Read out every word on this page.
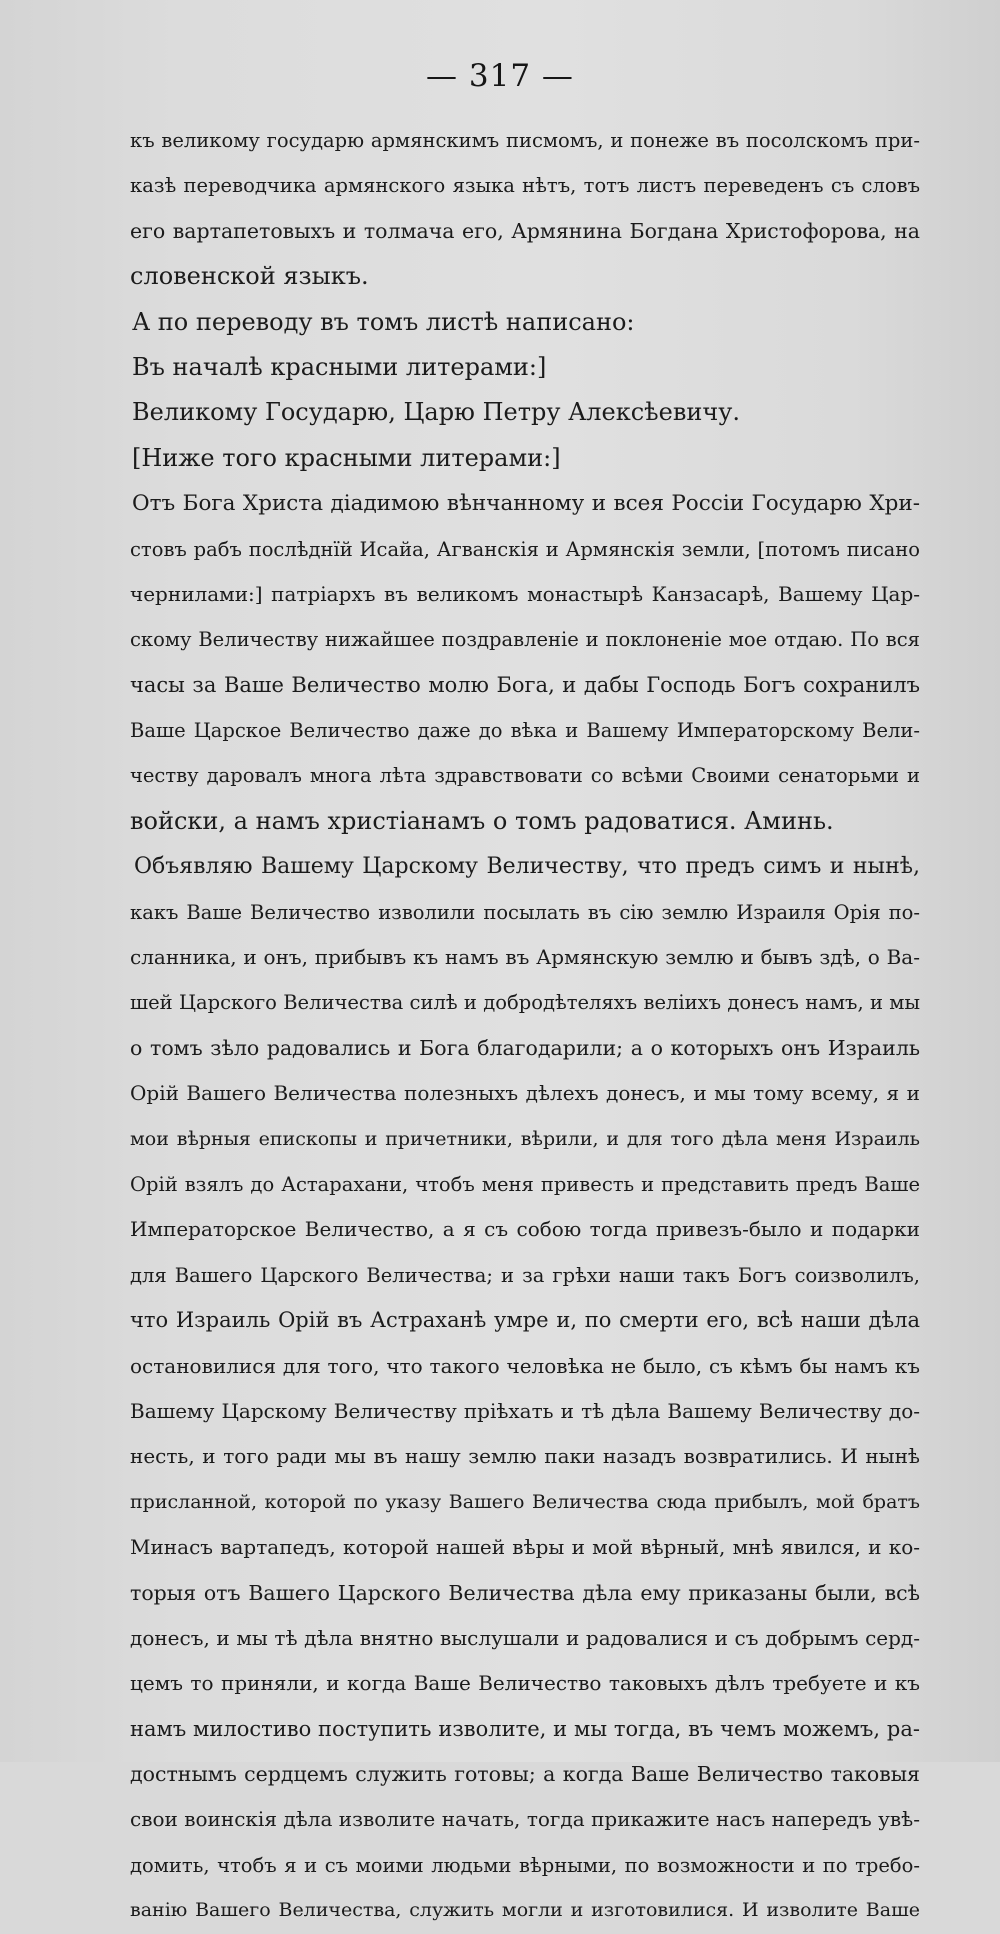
— 317 —
къ великому государю армянскимъ писмомъ, и понеже въ посолскомъ при-
казѣ переводчика армянского языка нѣтъ, тотъ листъ переведенъ съ словъ
его вартапетовыхъ и толмача его, Армянина Богдана Христофорова, на
словенской языкъ.
А по переводу въ томъ листѣ написано:
Въ началѣ красными литерами:]
Великому Государю, Царю Петру Алексѣевичу.
[Ниже того красными литерами:]
Отъ Бога Христа діадимою вѣнчанному и всея Россіи Государю Хри-
стовъ рабъ послѣднїй Исайа, Агванскія и Армянскія земли, [потомъ писано
чернилами:] патріархъ въ великомъ монастырѣ Канзасарѣ, Вашему Цар-
скому Величеству нижайшее поздравленіе и поклоненіе мое отдаю. По вся
часы за Ваше Величество молю Бога, и дабы Господь Богъ сохранилъ
Ваше Царское Величество даже до вѣка и Вашему Императорскому Вели-
честву даровалъ многа лѣта здравствовати со всѣми Своими сенаторьми и
войски, а намъ христіанамъ о томъ радоватися. Аминь.
Объявляю Вашему Царскому Величеству, что предъ симъ и нынѣ,
какъ Ваше Величество изволили посылать въ сію землю Израиля Орія по-
сланника, и онъ, прибывъ къ намъ въ Армянскую землю и бывъ здѣ, о Ва-
шей Царского Величества силѣ и добродѣтеляхъ веліихъ донесъ намъ, и мы
о томъ зѣло радовались и Бога благодарили; а о которыхъ онъ Израиль
Орій Вашего Величества полезныхъ дѣлехъ донесъ, и мы тому всему, я и
мои вѣрныя епископы и причетники, вѣрили, и для того дѣла меня Израиль
Орій взялъ до Астарахани, чтобъ меня привесть и представить предъ Ваше
Императорское Величество, а я съ собою тогда привезъ-было и подарки
для Вашего Царского Величества; и за грѣхи наши такъ Богъ соизволилъ,
что Израиль Орій въ Астраханѣ умре и, по смерти его, всѣ наши дѣла
остановилися для того, что такого человѣка не было, съ кѣмъ бы намъ къ
Вашему Царскому Величеству пріѣхать и тѣ дѣла Вашему Величеству до-
несть, и того ради мы въ нашу землю паки назадъ возвратились. И нынѣ
присланной, которой по указу Вашего Величества сюда прибылъ, мой братъ
Минасъ вартапедъ, которой нашей вѣры и мой вѣрный, мнѣ явился, и ко-
торыя отъ Вашего Царского Величества дѣла ему приказаны были, всѣ
донесъ, и мы тѣ дѣла внятно выслушали и радовалися и съ добрымъ серд-
цемъ то приняли, и когда Ваше Величество таковыхъ дѣлъ требуете и къ
намъ милостиво поступить изволите, и мы тогда, въ чемъ можемъ, ра-
достнымъ сердцемъ служить готовы; а когда Ваше Величество таковыя
свои воинскія дѣла изволите начать, тогда прикажите насъ напередъ увѣ-
домить, чтобъ я и съ моими людьми вѣрными, по возможности и по требо-
ванію Вашего Величества, служить могли и изготовилися. И изволите Ваше
